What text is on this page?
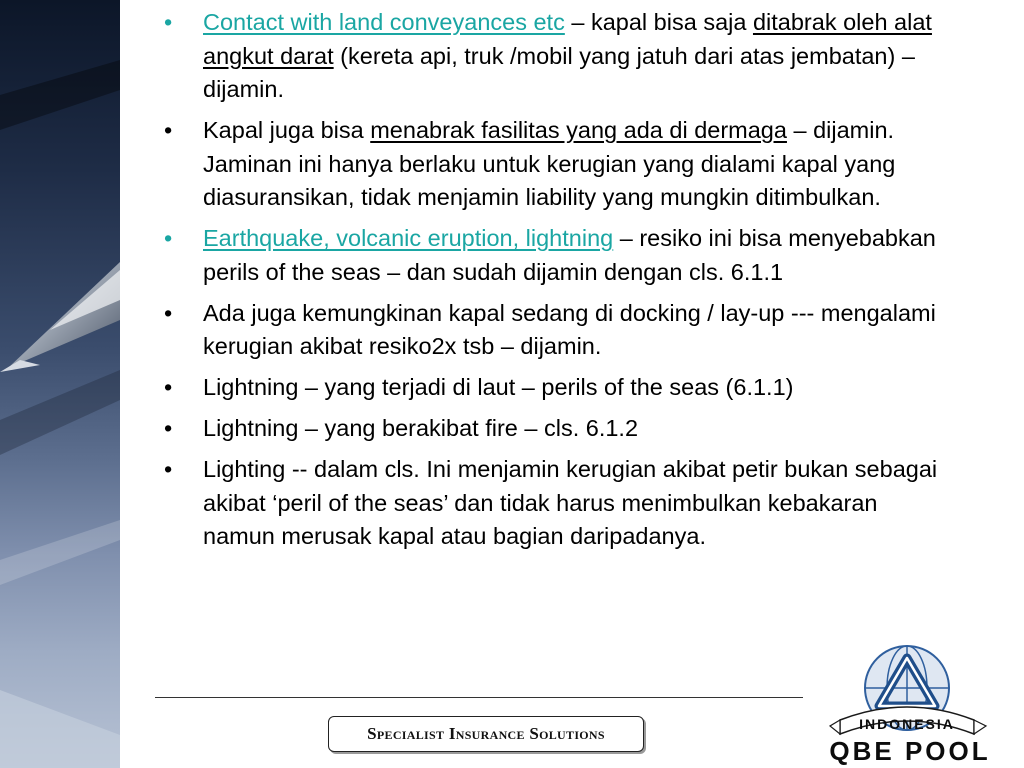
• Contact with land conveyances etc – kapal bisa saja ditabrak oleh alat angkut darat (kereta api, truk /mobil yang jatuh dari atas jembatan) – dijamin.
• Kapal juga bisa menabrak fasilitas yang ada di dermaga – dijamin. Jaminan ini hanya berlaku untuk kerugian yang dialami kapal yang diasuransikan, tidak menjamin liability yang mungkin ditimbulkan.
• Earthquake, volcanic eruption, lightning – resiko ini bisa menyebabkan perils of the seas – dan sudah dijamin dengan cls. 6.1.1
• Ada juga kemungkinan kapal sedang di docking / lay-up --- mengalami kerugian akibat resiko2x tsb – dijamin.
• Lightning – yang terjadi di laut – perils of the seas (6.1.1)
• Lightning – yang berakibat fire – cls. 6.1.2
• Lighting -- dalam cls. Ini menjamin kerugian akibat petir bukan sebagai akibat ‘peril of the seas’ dan tidak harus menimbulkan kebakaran namun merusak kapal atau bagian daripadanya.
Specialist Insurance Solutions	INDONESIA
QBE POOL
